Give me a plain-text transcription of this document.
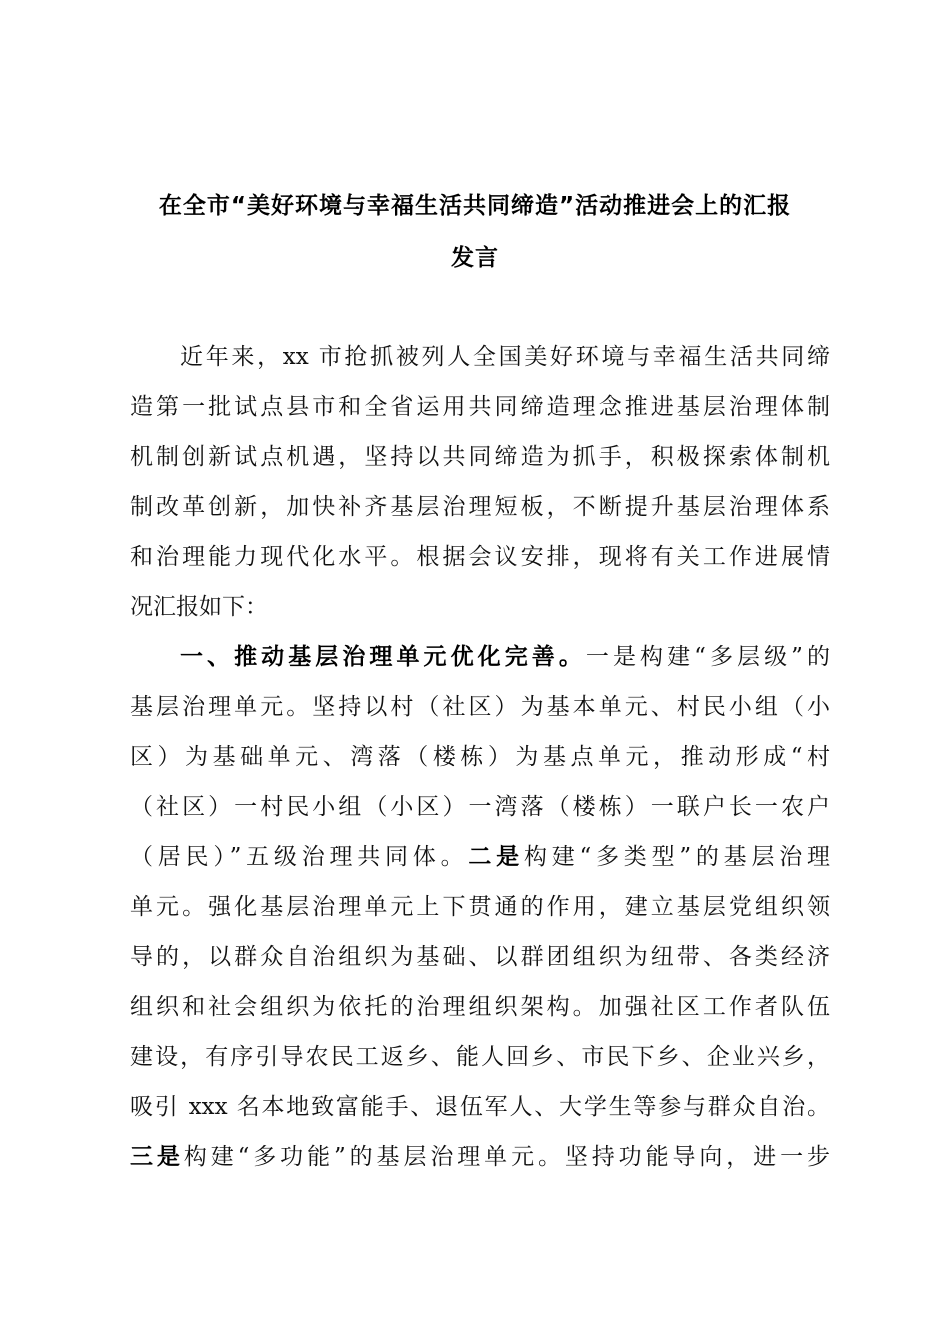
在全市“美好环境与幸福生活共同缔造”活动推进会上的汇报
发言
近年来，xx 市抢抓被列人全国美好环境与幸福生活共同缔
造第一批试点县市和全省运用共同缔造理念推进基层治理体制
机制创新试点机遇，坚持以共同缔造为抓手，积极探索体制机
制改革创新，加快补齐基层治理短板，不断提升基层治理体系
和治理能力现代化水平。根据会议安排，现将有关工作进展情
况汇报如下：
一、推动基层治理单元优化完善。一是构建“多层级”的
基层治理单元。坚持以村（社区）为基本单元、村民小组（小
区）为基础单元、湾落（楼栋）为基点单元，推动形成“村
（社区）一村民小组（小区）一湾落（楼栋）一联户长一农户
（居民）”五级治理共同体。二是构建“多类型”的基层治理
单元。强化基层治理单元上下贯通的作用，建立基层党组织领
导的，以群众自治组织为基础、以群团组织为纽带、各类经济
组织和社会组织为依托的治理组织架构。加强社区工作者队伍
建设，有序引导农民工返乡、能人回乡、市民下乡、企业兴乡，
吸引 xxx 名本地致富能手、退伍军人、大学生等参与群众自治。
三是构建“多功能”的基层治理单元。坚持功能导向，进一步
